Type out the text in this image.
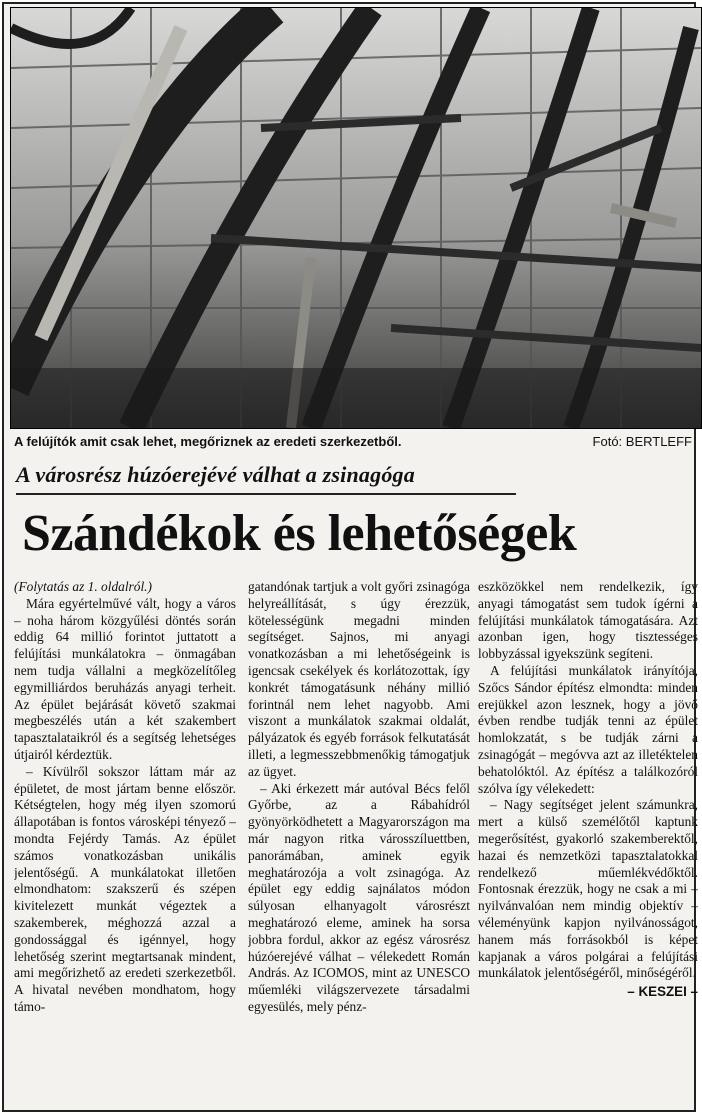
A felújítók amit csak lehet, megőriznek az eredeti szerkezetből.	Fotó: BERTLEFF
A városrész húzóerejévé válhat a zsinagóga
Szándékok és lehetőségek

(Folytatás az 1. oldalról.)

Mára egyértelművé vált, hogy a város – noha három közgyűlési döntés során eddig 64 millió forintot juttatott a felújítási munkálatokra – önmagában nem tudja vállalni a megközelítőleg egymilliárdos beruházás anyagi terheit. Az épület bejárását követő szakmai megbeszélés után a két szakembert tapasztalataikról és a segítség lehetséges útjairól kérdeztük.

– Kívülről sokszor láttam már az épületet, de most jártam benne először. Kétségtelen, hogy még ilyen szomorú állapotában is fontos városképi tényező – mondta Fejérdy Tamás. Az épület számos vonatkozásban unikális jelentőségű. A munkálatokat illetően elmondhatom: szakszerű és szépen kivitelezett munkát végeztek a szakemberek, méghozzá azzal a gondossággal és igénnyel, hogy lehetőség szerint megtartsanak mindent, ami megőrizhető az eredeti szerkezetből. A hivatal nevében mondhatom, hogy támo-

gatandónak tartjuk a volt győri zsinagóga helyreállítását, s úgy érezzük, kötelességünk megadni minden segítséget. Sajnos, mi anyagi vonatkozásban a mi lehetőségeink is igencsak csekélyek és korlátozottak, így konkrét támogatásunk néhány millió forintnál nem lehet nagyobb. Ami viszont a munkálatok szakmai oldalát, pályázatok és egyéb források felkutatását illeti, a legmesszebbmenőkig támogatjuk az ügyet.

– Aki érkezett már autóval Bécs felől Győrbe, az a Rábahídról gyönyörködhetett a Magyarországon ma már nagyon ritka városszíluettben, panorámában, aminek egyik meghatározója a volt zsinagóga. Az épület egy eddig sajnálatos módon súlyosan elhanyagolt városrészt meghatározó eleme, aminek ha sorsa jobbra fordul, akkor az egész városrész húzóerejévé válhat – vélekedett Román András. Az ICOMOS, mint az UNESCO műemléki világszervezete társadalmi egyesülés, mely pénz-

eszközökkel nem rendelkezik, így anyagi támogatást sem tudok ígérni a felújítási munkálatok támogatására. Azt azonban igen, hogy tisztességes lobbyzással igyekszünk segíteni.

A felújítási munkálatok irányítója, Szőcs Sándor építész elmondta: minden erejükkel azon lesznek, hogy a jövő évben rendbe tudják tenni az épület homlokzatát, s be tudják zárni a zsinagógát – megóvva azt az illetéktelen behatolóktól. Az építész a találkozóról szólva így vélekedett:

– Nagy segítséget jelent számunkra, mert a külső személőtől kaptunk megerősítést, gyakorló szakemberektől, hazai és nemzetközi tapasztalatokkal rendelkező műemlékvédőktől. Fontosnak érezzük, hogy ne csak a mi – nyilvánvalóan nem mindig objektív – véleményünk kapjon nyilvánosságot, hanem más forrásokból is képet kapjanak a város polgárai a felújítási munkálatok jelentőségéről, minőségéről.

– KESZEI –
